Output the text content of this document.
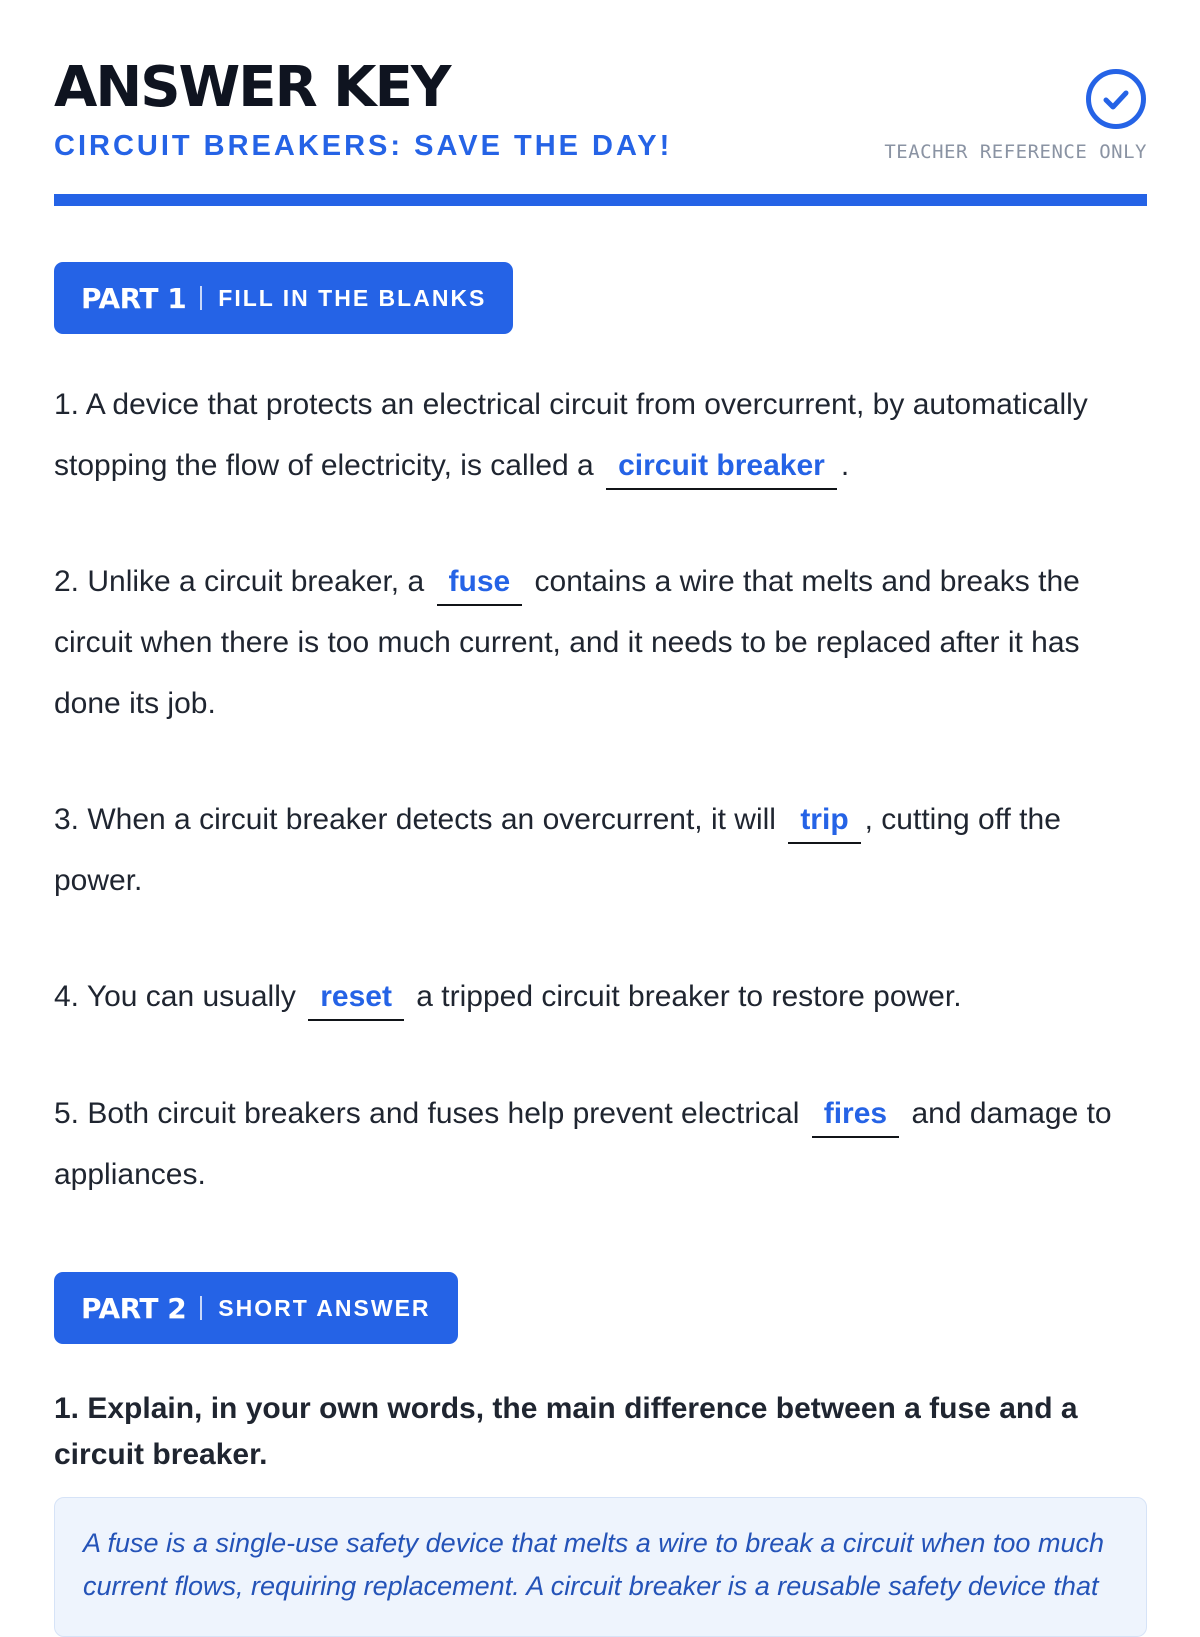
ANSWER KEY
CIRCUIT BREAKERS: SAVE THE DAY!	TEACHER REFERENCE ONLY
PART 1 FILL IN THE BLANKS
1. A device that protects an electrical circuit from overcurrent, by automatically stopping the flow of electricity, is called a circuit breaker .
2. Unlike a circuit breaker, a fuse contains a wire that melts and breaks the circuit when there is too much current, and it needs to be replaced after it has done its job.
3. When a circuit breaker detects an overcurrent, it will trip , cutting off the power.
4. You can usually reset a tripped circuit breaker to restore power.
5. Both circuit breakers and fuses help prevent electrical fires and damage to appliances.
PART 2 SHORT ANSWER
1. Explain, in your own words, the main difference between a fuse and a circuit breaker.
A fuse is a single-use safety device that melts a wire to break a circuit when too much current flows, requiring replacement. A circuit breaker is a reusable safety device that
